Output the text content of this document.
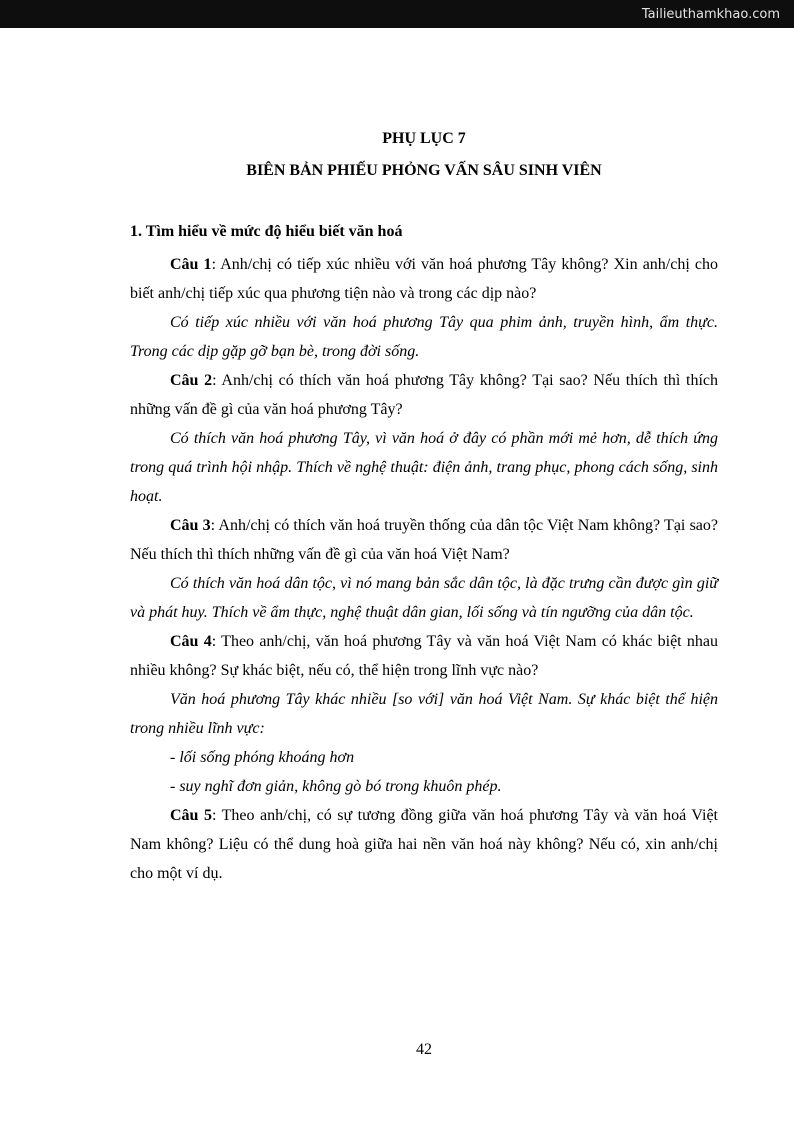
Tailieuthamkhao.com
PHỤ LỤC 7
BIÊN BẢN PHIẾU PHỎNG VẤN SÂU SINH VIÊN
1. Tìm hiểu về mức độ hiểu biết văn hoá

Câu 1: Anh/chị có tiếp xúc nhiều với văn hoá phương Tây không? Xin anh/chị cho biết anh/chị tiếp xúc qua phương tiện nào và trong các dịp nào?

Có tiếp xúc nhiều với văn hoá phương Tây qua phim ảnh, truyền hình, ẩm thực. Trong các dịp gặp gỡ bạn bè, trong đời sống.

Câu 2: Anh/chị có thích văn hoá phương Tây không? Tại sao? Nếu thích thì thích những vấn đề gì của văn hoá phương Tây?

Có thích văn hoá phương Tây, vì văn hoá ở đây có phần mới mẻ hơn, dễ thích ứng trong quá trình hội nhập. Thích về nghệ thuật: điện ảnh, trang phục, phong cách sống, sinh hoạt.

Câu 3: Anh/chị có thích văn hoá truyền thống của dân tộc Việt Nam không? Tại sao? Nếu thích thì thích những vấn đề gì của văn hoá Việt Nam?

Có thích văn hoá dân tộc, vì nó mang bản sắc dân tộc, là đặc trưng cần được gìn giữ và phát huy. Thích về ẩm thực, nghệ thuật dân gian, lối sống và tín ngưỡng của dân tộc.

Câu 4: Theo anh/chị, văn hoá phương Tây và văn hoá Việt Nam có khác biệt nhau nhiều không? Sự khác biệt, nếu có, thể hiện trong lĩnh vực nào?

Văn hoá phương Tây khác nhiều [so với] văn hoá Việt Nam. Sự khác biệt thể hiện trong nhiều lĩnh vực:

- lối sống phóng khoáng hơn

- suy nghĩ đơn giản, không gò bó trong khuôn phép.

Câu 5: Theo anh/chị, có sự tương đồng giữa văn hoá phương Tây và văn hoá Việt Nam không? Liệu có thể dung hoà giữa hai nền văn hoá này không? Nếu có, xin anh/chị cho một ví dụ.

42
